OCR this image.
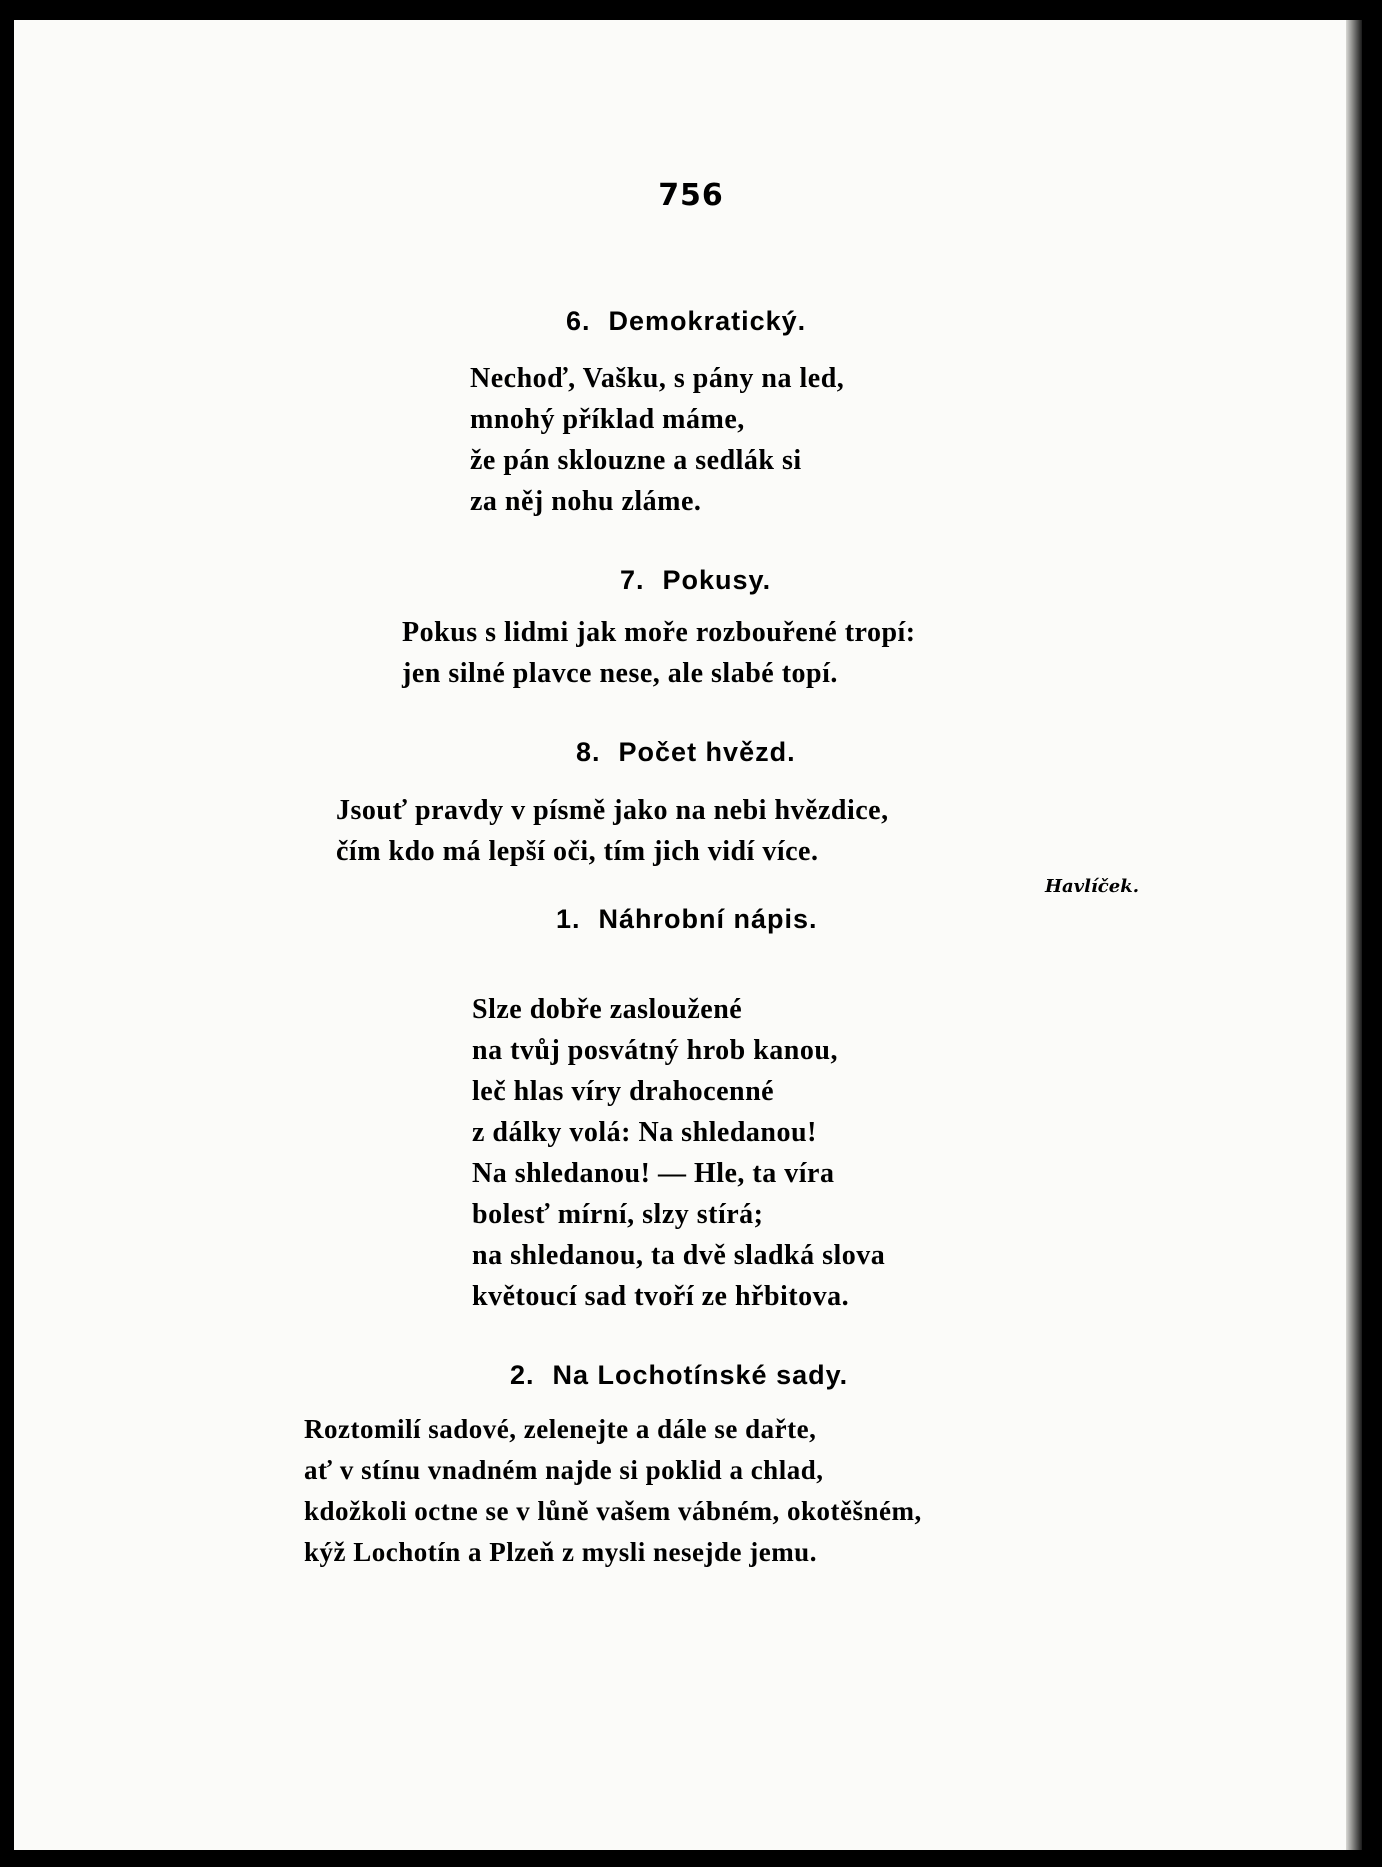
756
6. Demokratický.
Nechoď, Vašku, s pány na led,
mnohý příklad máme,
že pán sklouzne a sedlák si
za něj nohu zláme.
7. Pokusy.
Pokus s lidmi jak moře rozbouřené tropí:
jen silné plavce nese, ale slabé topí.
8. Počet hvězd.
Jsouť pravdy v písmě jako na nebi hvězdice,
čím kdo má lepší oči, tím jich vidí více.
Havlíček.
1. Náhrobní nápis.
Slze dobře zasloužené
na tvůj posvátný hrob kanou,
leč hlas víry drahocenné
z dálky volá: Na shledanou!
Na shledanou! — Hle, ta víra
bolesť mírní, slzy stírá;
na shledanou, ta dvě sladká slova
květoucí sad tvoří ze hřbitova.
2. Na Lochotínské sady.
Roztomilí sadové, zelenejte a dále se dařte,
ať v stínu vnadném najde si poklid a chlad,
kdožkoli octne se v lůně vašem vábném, okotěšném,
kýž Lochotín a Plzeň z mysli nesejde jemu.
